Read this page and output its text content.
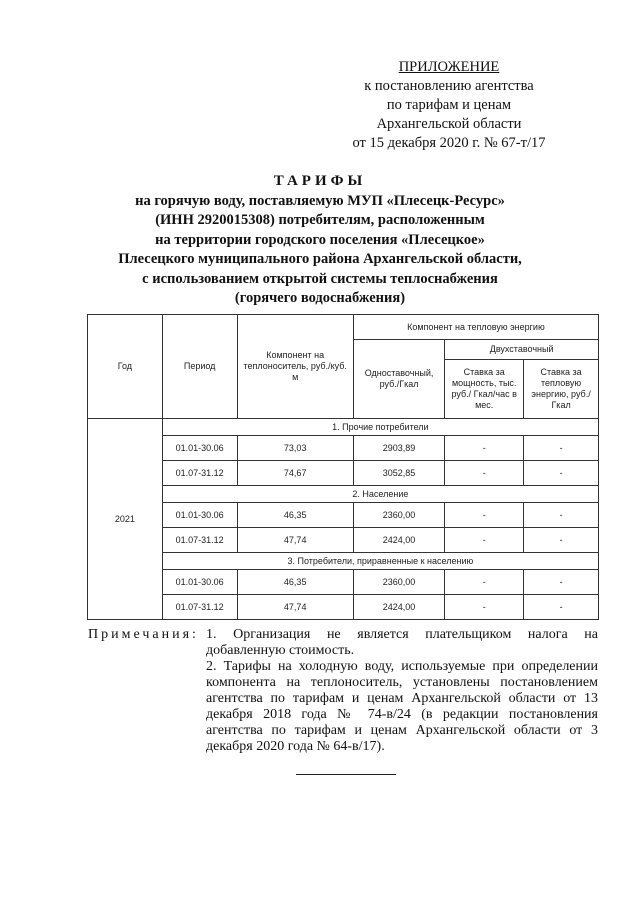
ПРИЛОЖЕНИЕ
к постановлению агентства
по тарифам и ценам
Архангельской области
от 15 декабря 2020 г. № 67-т/17
ТАРИФЫ
на горячую воду, поставляемую МУП «Плесецк-Ресурс»
(ИНН 2920015308) потребителям, расположенным
на территории городского поселения «Плесецкое»
Плесецкого муниципального района Архангельской области,
с использованием открытой системы теплоснабжения
(горячего водоснабжения)
Год	Период	Компонент на теплоноситель, руб./куб. м	Компонент на тепловую энергию		
			Одноставочный, руб./Гкал	Двухставочный	
				Ставка за мощность, тыс. руб./ Гкал/час в мес.	Ставка за тепловую энергию, руб./Гкал
2021	1. Прочие потребители				
	01.01-30.06	73,03	2903,89	-	-
	01.07-31.12	74,67	3052,85	-	-
	2. Население				
	01.01-30.06	46,35	2360,00	-	-
	01.07-31.12	47,74	2424,00	-	-
	3. Потребители, приравненные к населению				
	01.01-30.06	46,35	2360,00	-	-
	01.07-31.12	47,74	2424,00	-	-
Примечания: 1. Организация не является плательщиком налога на добавленную стоимость.
2. Тарифы на холодную воду, используемые при определении компонента на теплоноситель, установлены постановлением агентства по тарифам и ценам Архангельской области от 13 декабря 2018 года № 74-в/24 (в редакции постановления агентства по тарифам и ценам Архангельской области от 3 декабря 2020 года № 64-в/17).
